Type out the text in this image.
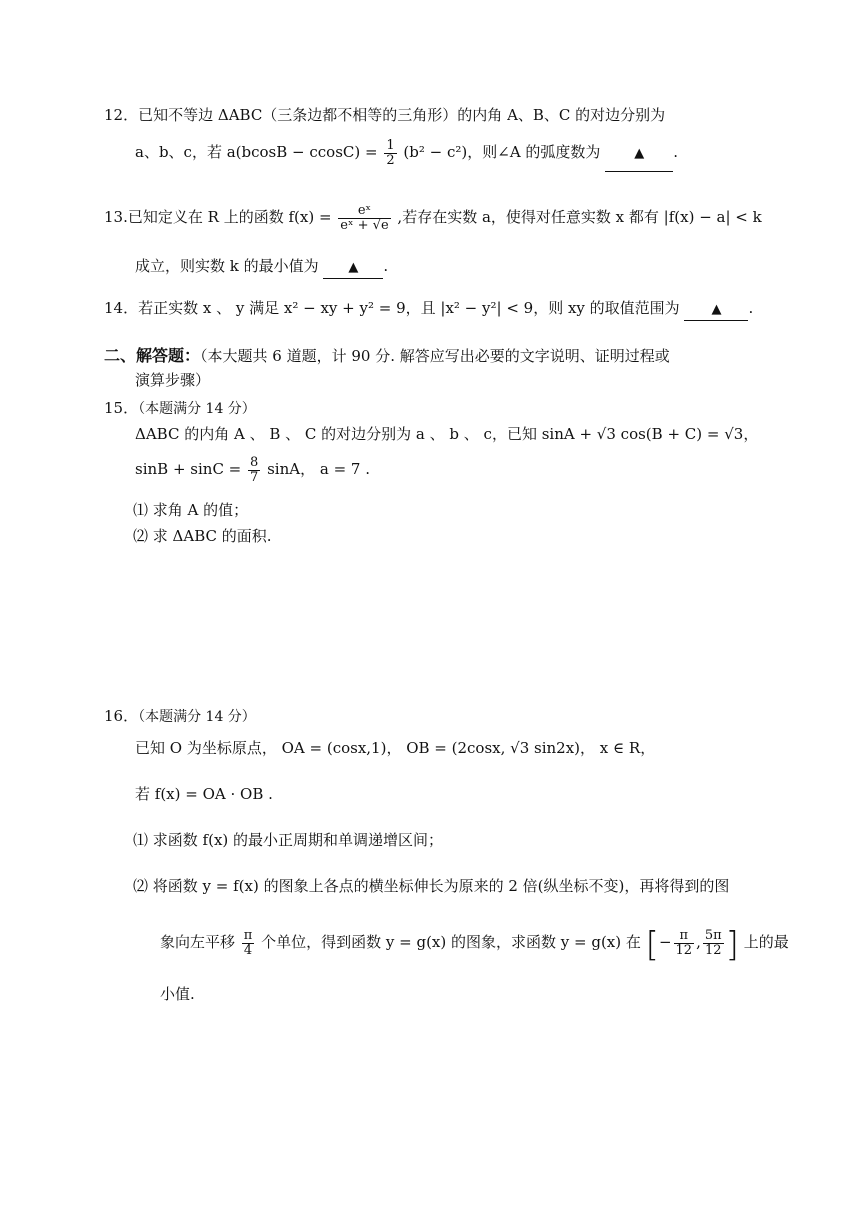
12．已知不等边 ΔABC（三条边都不相等的三角形）的内角 A、B、C 的对边分别为
a、b、c，若 $a(bcosB - ccosC) = \frac{1}{2} (b^2 - c^2)$，则∠A 的弧度数为	▲ .
13.已知定义在 R 上的函数 $f(x) = \frac{\text{eˣ}}{\text{eˣ + √e}}$ ,若存在实数 a，使得对任意实数 x 都有 |f(x) − a| < k
成立，则实数 k 的最小值为 ▲ .
14．若正实数 x 、 y 满足 x² − xy + y² = 9，且 |x² − y²| < 9，则 xy 的取值范围为 ▲ .
二、解答题：（本大题共 6 道题，计 90 分. 解答应写出必要的文字说明、证明过程或
演算步骤）
15．（本题满分 14 分）
ΔABC 的内角 A 、 B 、 C 的对边分别为 a 、 b 、 c，已知 sinA + √3 cos(B + C) = √3，
$\sin B + \sin C = \frac{8}{7}$ sinA， a = 7 .
⑴ 求角 A 的值；
⑵ 求 ΔABC 的面积.
16．（本题满分 14 分）
已知 O 为坐标原点， OA = (cosx,1)， OB = (2cosx, √3 sin2x)， x ∈ R，
若 f(x) = OA · OB .
⑴ 求函数 f(x) 的最小正周期和单调递增区间；
⑵ 将函数 y = f(x) 的图象上各点的横坐标伸长为原来的 2 倍(纵坐标不变)，再将得到的图
象向左平移 $\frac{\pi}{4}$ 个单位，得到函数 y = g(x) 的图象，求函数 y = g(x) 在 [− $\frac{\pi}{12}$ , $\frac{5\pi}{12}$ ] 上的最
小值.
